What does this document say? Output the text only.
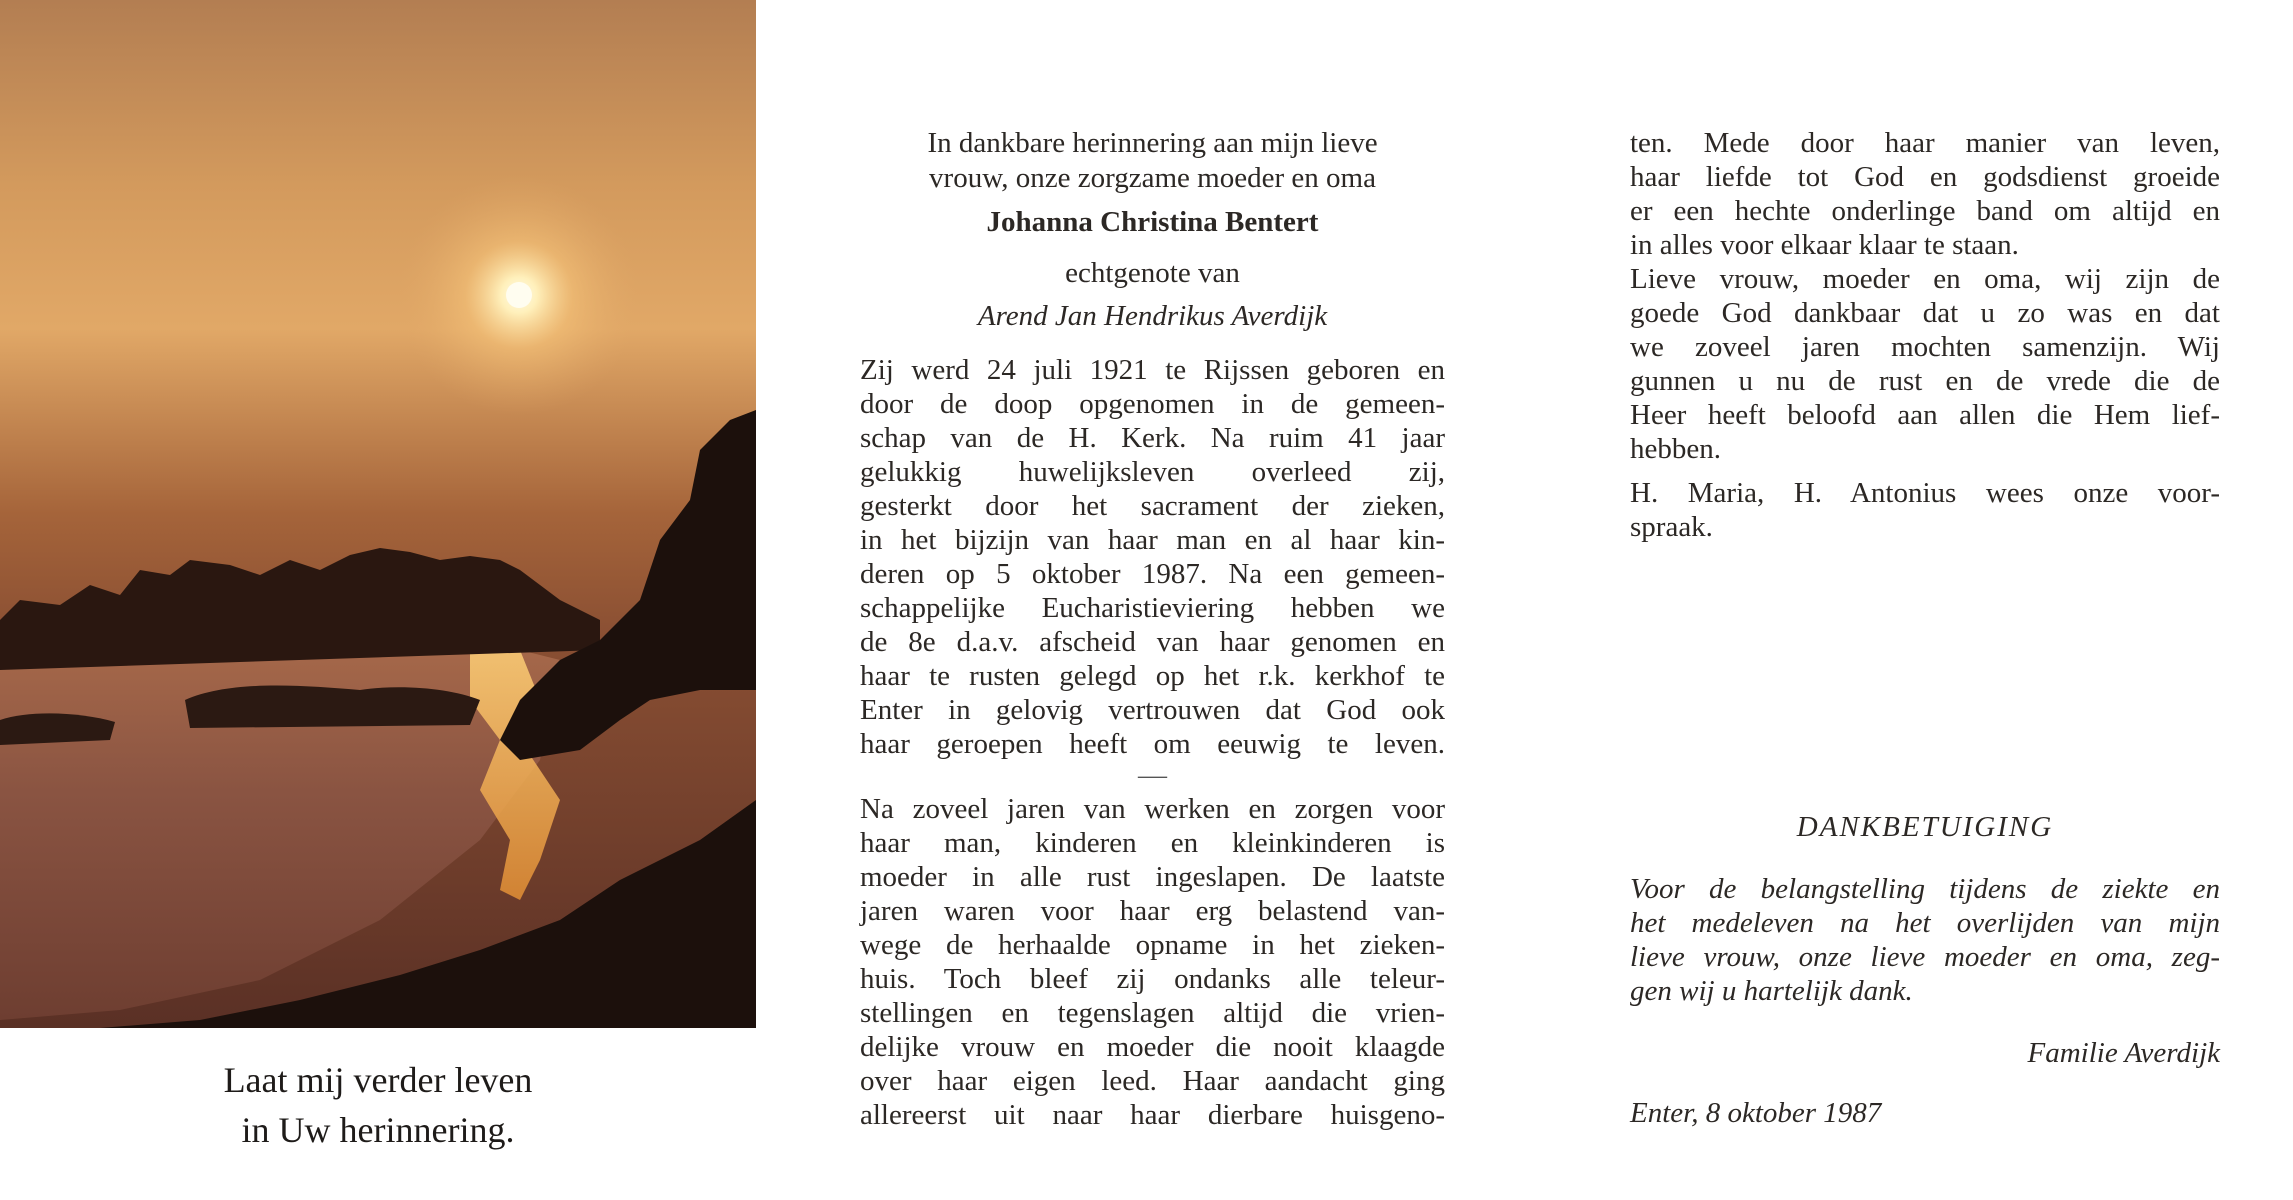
Laat mij verder leven
in Uw herinnering.
In dankbare herinnering aan mijn lieve
vrouw, onze zorgzame moeder en oma
Johanna Christina Bentert
echtgenote van
Arend Jan Hendrikus Averdijk
Zij werd 24 juli 1921 te Rijssen geboren en
door de doop opgenomen in de gemeen-
schap van de H. Kerk. Na ruim 41 jaar
gelukkig huwelijksleven overleed zij,
gesterkt door het sacrament der zieken,
in het bijzijn van haar man en al haar kin-
deren op 5 oktober 1987. Na een gemeen-
schappelijke Eucharistieviering hebben we
de 8e d.a.v. afscheid van haar genomen en
haar te rusten gelegd op het r.k. kerkhof te
Enter in gelovig vertrouwen dat God ook
haar geroepen heeft om eeuwig te leven.
—
Na zoveel jaren van werken en zorgen voor
haar man, kinderen en kleinkinderen is
moeder in alle rust ingeslapen. De laatste
jaren waren voor haar erg belastend van-
wege de herhaalde opname in het zieken-
huis. Toch bleef zij ondanks alle teleur-
stellingen en tegenslagen altijd die vrien-
delijke vrouw en moeder die nooit klaagde
over haar eigen leed. Haar aandacht ging
allereerst uit naar haar dierbare huisgeno-
ten. Mede door haar manier van leven,
haar liefde tot God en godsdienst groeide
er een hechte onderlinge band om altijd en
in alles voor elkaar klaar te staan.
Lieve vrouw, moeder en oma, wij zijn de
goede God dankbaar dat u zo was en dat
we zoveel jaren mochten samenzijn. Wij
gunnen u nu de rust en de vrede die de
Heer heeft beloofd aan allen die Hem lief-
hebben.
H. Maria, H. Antonius wees onze voor-
spraak.
DANKBETUIGING
Voor de belangstelling tijdens de ziekte en
het medeleven na het overlijden van mijn
lieve vrouw, onze lieve moeder en oma, zeg-
gen wij u hartelijk dank.
Familie Averdijk
Enter, 8 oktober 1987
